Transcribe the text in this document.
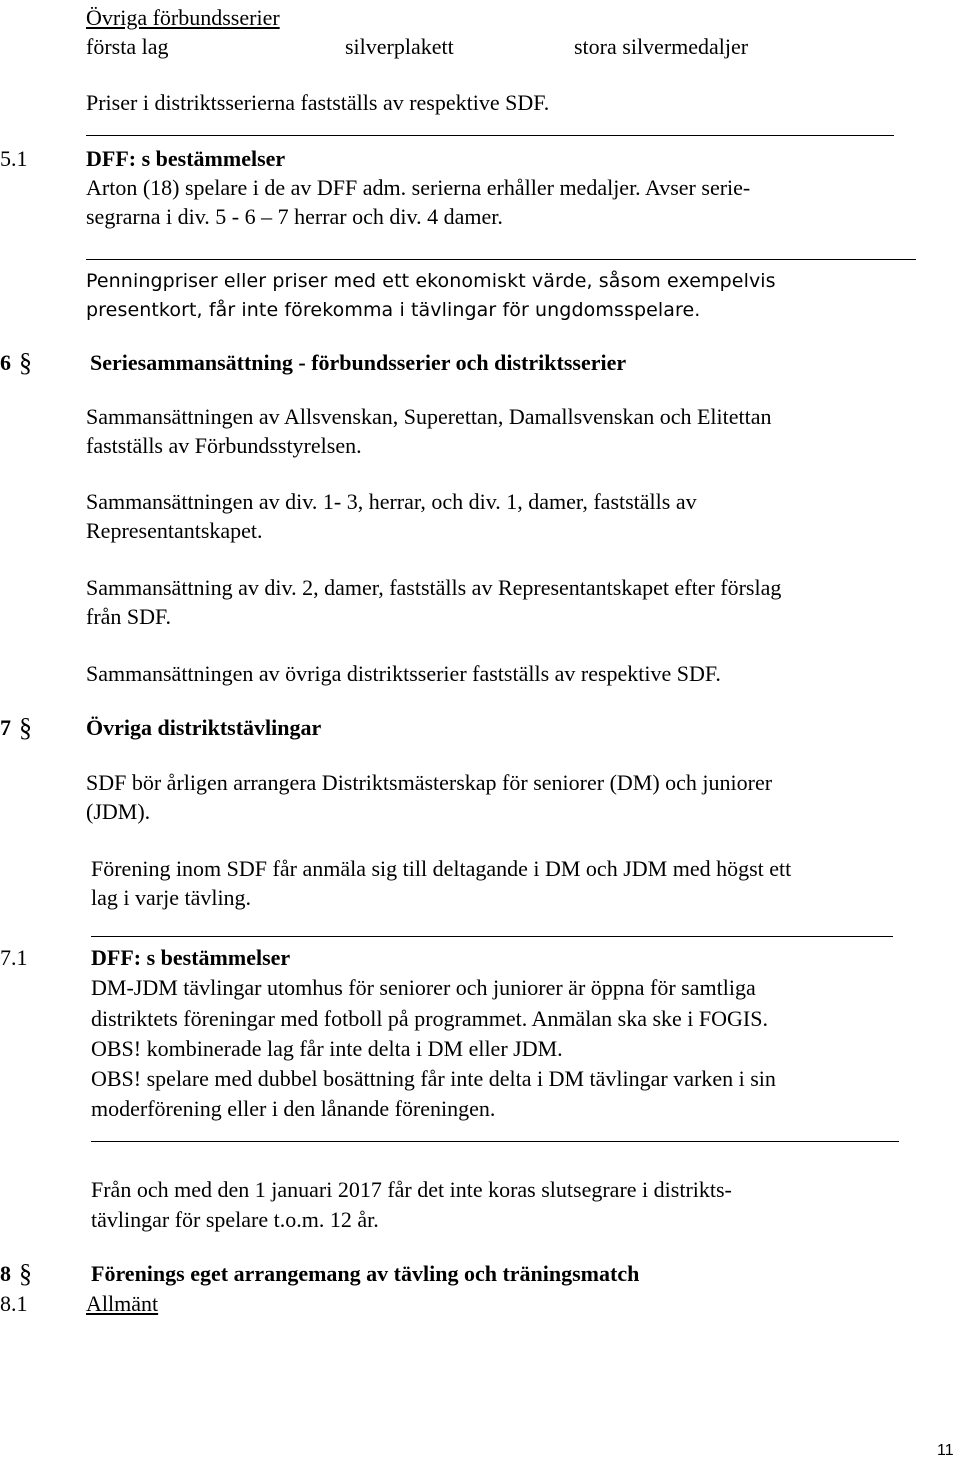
Övriga förbundsserier
första lag	silverplakett	stora silvermedaljer
Priser i distriktsserierna fastställs av respektive SDF.
5.1	DFF: s bestämmelser
Arton (18) spelare i de av DFF adm. serierna erhåller medaljer. Avser serie-
segrarna i div. 5 - 6 – 7 herrar och div. 4 damer.
Penningpriser eller priser med ett ekonomiskt värde, såsom exempelvis
presentkort, får inte förekomma i tävlingar för ungdomsspelare.
6 §	Seriesammansättning - förbundsserier och distriktsserier
Sammansättningen av Allsvenskan, Superettan, Damallsvenskan och Elitettan
fastställs av Förbundsstyrelsen.
Sammansättningen av div. 1- 3, herrar, och div. 1, damer, fastställs av
Representantskapet.
Sammansättning av div. 2, damer, fastställs av Representantskapet efter förslag
från SDF.
Sammansättningen av övriga distriktsserier fastställs av respektive SDF.
7 § Övriga distriktstävlingar
SDF bör årligen arrangera Distriktsmästerskap för seniorer (DM) och juniorer
(JDM).
Förening inom SDF får anmäla sig till deltagande i DM och JDM med högst ett
lag i varje tävling.
7.1	DFF: s bestämmelser
DM-JDM tävlingar utomhus för seniorer och juniorer är öppna för samtliga
distriktets föreningar med fotboll på programmet. Anmälan ska ske i FOGIS.
OBS! kombinerade lag får inte delta i DM eller JDM.
OBS! spelare med dubbel bosättning får inte delta i DM tävlingar varken i sin
moderförening eller i den lånande föreningen.
Från och med den 1 januari 2017 får det inte koras slutsegrare i distrikts-
tävlingar för spelare t.o.m. 12 år.
8 §	Förenings eget arrangemang av tävling och träningsmatch
8.1	Allmänt
11
